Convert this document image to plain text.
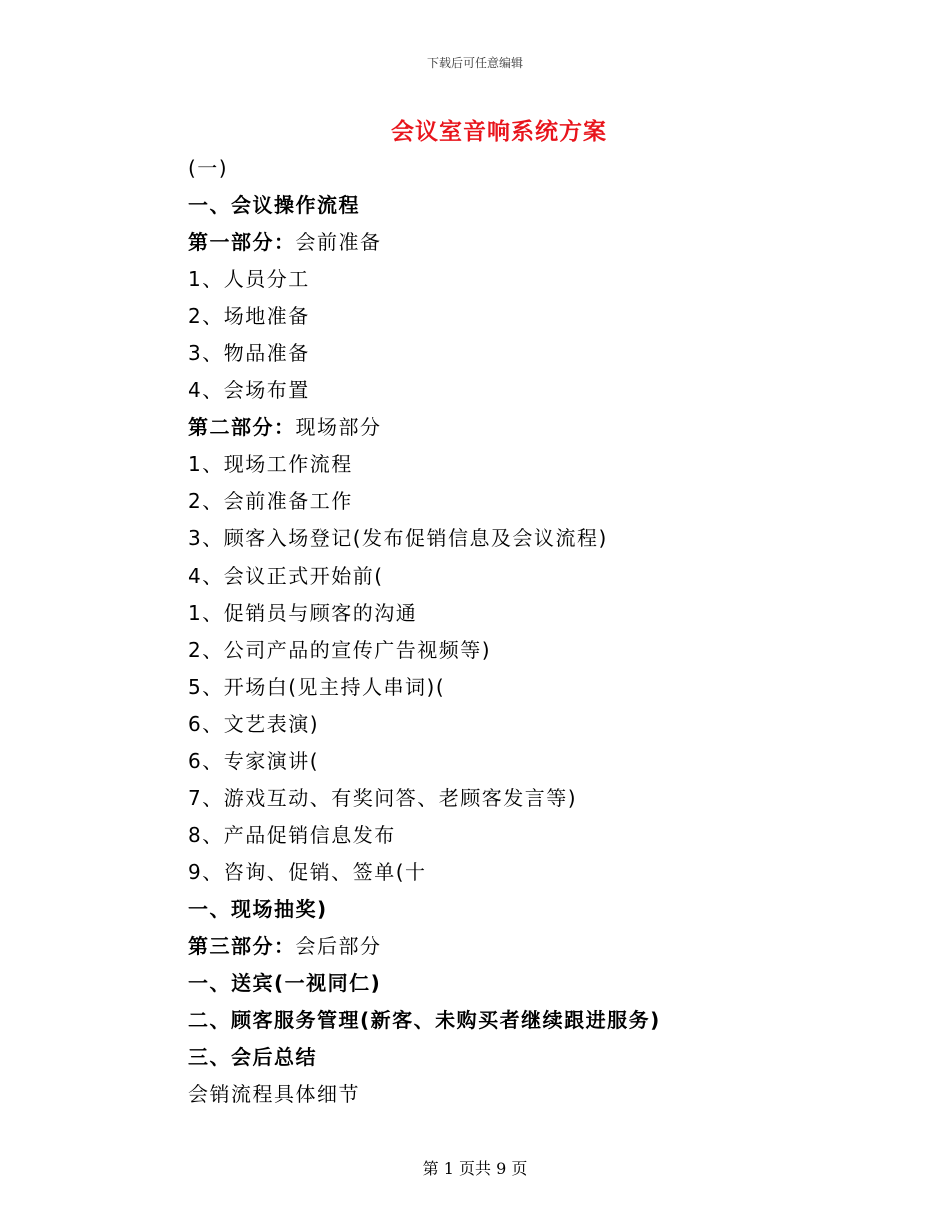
下载后可任意编辑
会议室音响系统方案
(一)
一、会议操作流程
第一部分：会前准备
1、人员分工
2、场地准备
3、物品准备
4、会场布置
第二部分：现场部分
1、现场工作流程
2、会前准备工作
3、顾客入场登记(发布促销信息及会议流程)
4、会议正式开始前(
1、促销员与顾客的沟通
2、公司产品的宣传广告视频等)
5、开场白(见主持人串词)(
6、文艺表演)
6、专家演讲(
7、游戏互动、有奖问答、老顾客发言等)
8、产品促销信息发布
9、咨询、促销、签单(十
一、现场抽奖)
第三部分：会后部分
一、送宾(一视同仁)
二、顾客服务管理(新客、未购买者继续跟进服务)
三、会后总结
会销流程具体细节
第 1 页共 9 页
